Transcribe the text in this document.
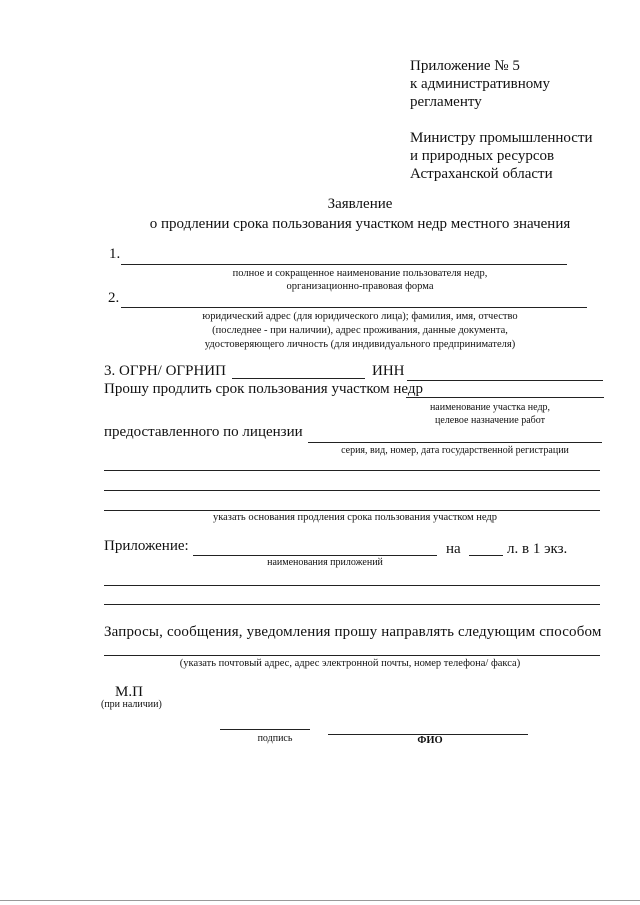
Приложение № 5
к административному
регламенту
Министру промышленности
и природных ресурсов
Астраханской области
Заявление
о продлении срока пользования участком недр местного значения
1.
полное и сокращенное наименование пользователя недр,
организационно-правовая форма
2.
юридический адрес (для юридического лица); фамилия, имя, отчество
(последнее - при наличии), адрес проживания, данные документа,
удостоверяющего личность (для индивидуального предпринимателя)
3. ОГРН/ ОГРНИП	ИНН
Прошу продлить срок пользования участком недр
наименование участка недр,
целевое назначение работ
предоставленного по лицензии
серия, вид, номер, дата государственной регистрации
указать основания продления срока пользования участком недр
Приложение:	на	л. в 1 экз.
наименования приложений
Запросы, сообщения, уведомления прошу направлять следующим способом
(указать почтовый адрес, адрес электронной почты, номер телефона/ факса)
М.П
(при наличии)
подпись	ФИО
